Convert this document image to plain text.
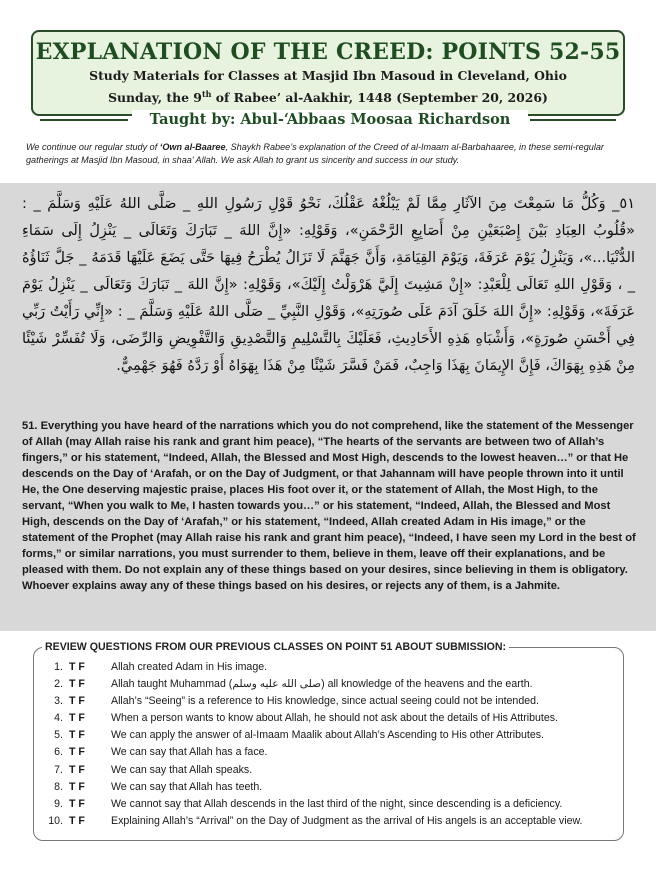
EXPLANATION OF THE CREED: POINTS 52-55
Study Materials for Classes at Masjid Ibn Masoud in Cleveland, Ohio
Sunday, the 9th of Rabee’ al-Aakhir, 1448 (September 20, 2026)
Taught by: Abul-‘Abbaas Moosaa Richardson
We continue our regular study of ‘Own al-Baaree, Shaykh Rabee’s explanation of the Creed of al-Imaam al-Barbahaaree, in these semi-regular gatherings at Masjid Ibn Masoud, in shaa’ Allah. We ask Allah to grant us sincerity and success in our study.
٥١_ وَكُلُّ مَا سَمِعْتَ مِنَ الآثَارِ مِمَّا لَمْ يَبْلُغْهُ عَقْلُكَ، نَحْوُ قَوْلِ رَسُولِ اللهِ _ صَلَّى اللهُ عَلَيْهِ وَسَلَّمَ _ : «قُلُوبُ العِبَادِ بَيْنَ إِصْبَعَيْنِ مِنْ أَصَابِعِ الرَّحْمَنِ»، وَقَوْلِهِ: «إِنَّ اللهَ _ تَبَارَكَ وَتَعَالَى _ يَنْزِلُ إِلَى سَمَاءِ الدُّنْيَا...»، وَيَنْزِلُ يَوْمَ عَرَفَةَ، وَيَوْمَ القِيَامَةِ، وَأَنَّ جَهَنَّمَ لَا تَزَالُ يُطْرَحُ فِيهَا حَتَّى يَضَعَ عَلَيْهَا قَدَمَهُ _ جَلَّ ثَنَاؤُهُ _ ، وَقَوْلِ اللهِ تَعَالَى لِلْعَبْدِ: «إِنْ مَشِيتَ إِلَيَّ هَرْوَلْتُ إِلَيْكَ»، وَقَوْلِهِ: «إِنَّ اللهَ _ تَبَارَكَ وَتَعَالَى _ يَنْزِلُ يَوْمَ عَرَفَةَ»، وَقَوْلِهِ: «إِنَّ اللهَ خَلَقَ آدَمَ عَلَى صُورَتِهِ»، وَقَوْلِ النَّبِيِّ _ صَلَّى اللهُ عَلَيْهِ وَسَلَّمَ _ : «إِنِّي رَأَيْتُ رَبِّي فِي أَحْسَنِ صُورَةٍ»، وَأَشْبَاهِ هَذِهِ الأَحَادِيثِ، فَعَلَيْكَ بِالتَّسْلِيمِ وَالتَّصْدِيقِ وَالتَّفْوِيضِ وَالرِّضَى، وَلَا تُفَسِّرْ شَيْئًا مِنْ هَذِهِ بِهَوَاكَ، فَإِنَّ الإِيمَانَ بِهَذَا وَاجِبٌ، فَمَنْ فَسَّرَ شَيْئًا مِنْ هَذَا بِهَوَاهُ أَوْ رَدَّهُ فَهُوَ جَهْمِيٌّ.
51. Everything you have heard of the narrations which you do not comprehend, like the statement of the Messenger of Allah (may Allah raise his rank and grant him peace), “The hearts of the servants are between two of Allah’s fingers,” or his statement, “Indeed, Allah, the Blessed and Most High, descends to the lowest heaven…” or that He descends on the Day of ‘Arafah, or on the Day of Judgment, or that Jahannam will have people thrown into it until He, the One deserving majestic praise, places His foot over it, or the statement of Allah, the Most High, to the servant, “When you walk to Me, I hasten towards you…” or his statement, “Indeed, Allah, the Blessed and Most High, descends on the Day of ‘Arafah,” or his statement, “Indeed, Allah created Adam in His image,” or the statement of the Prophet (may Allah raise his rank and grant him peace), “Indeed, I have seen my Lord in the best of forms,” or similar narrations, you must surrender to them, believe in them, leave off their explanations, and be pleased with them. Do not explain any of these things based on your desires, since believing in them is obligatory. Whoever explains away any of these things based on his desires, or rejects any of them, is a Jahmite.
REVIEW QUESTIONS FROM OUR PREVIOUS CLASSES ON POINT 51 ABOUT SUBMISSION:
1. T F	Allah created Adam in His image.
2. T F	Allah taught Muhammad (صلى الله عليه وسلم) all knowledge of the heavens and the earth.
3. T F	Allah’s “Seeing” is a reference to His knowledge, since actual seeing could not be intended.
4. T F	When a person wants to know about Allah, he should not ask about the details of His Attributes.
5. T F	We can apply the answer of al-Imaam Maalik about Allah’s Ascending to His other Attributes.
6. T F	We can say that Allah has a face.
7. T F	We can say that Allah speaks.
8. T F	We can say that Allah has teeth.
9. T F	We cannot say that Allah descends in the last third of the night, since descending is a deficiency.
10. T F	Explaining Allah’s “Arrival” on the Day of Judgment as the arrival of His angels is an acceptable view.
